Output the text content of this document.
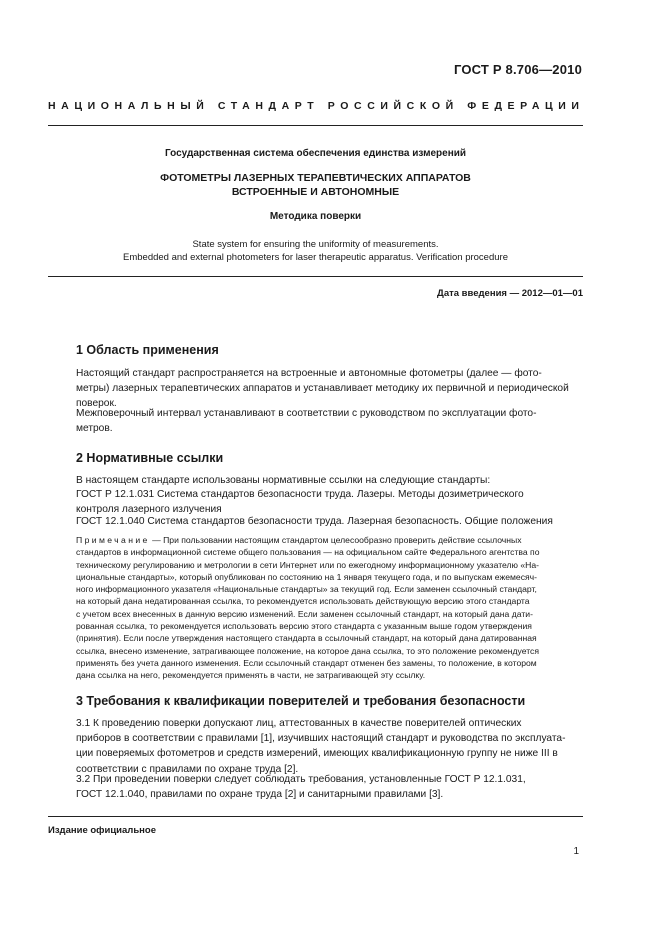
ГОСТ Р 8.706—2010
НАЦИОНАЛЬНЫЙ СТАНДАРТ РОССИЙСКОЙ ФЕДЕРАЦИИ
Государственная система обеспечения единства измерений
ФОТОМЕТРЫ ЛАЗЕРНЫХ ТЕРАПЕВТИЧЕСКИХ АППАРАТОВ
ВСТРОЕННЫЕ И АВТОНОМНЫЕ
Методика поверки
State system for ensuring the uniformity of measurements.
Embedded and external photometers for laser therapeutic apparatus. Verification procedure
Дата введения — 2012—01—01
1 Область применения
Настоящий стандарт распространяется на встроенные и автономные фотометры (далее — фото-
метры) лазерных терапевтических аппаратов и устанавливает методику их первичной и периодической
поверок.
Межповерочный интервал устанавливают в соответствии с руководством по эксплуатации фото-
метров.
2 Нормативные ссылки
В настоящем стандарте использованы нормативные ссылки на следующие стандарты:
ГОСТ Р 12.1.031 Система стандартов безопасности труда. Лазеры. Методы дозиметрического
контроля лазерного излучения
ГОСТ 12.1.040 Система стандартов безопасности труда. Лазерная безопасность. Общие положения
Примечание — При пользовании настоящим стандартом целесообразно проверить действие ссылочных
стандартов в информационной системе общего пользования — на официальном сайте Федерального агентства по
техническому регулированию и метрологии в сети Интернет или по ежегодному информационному указателю «На-
циональные стандарты», который опубликован по состоянию на 1 января текущего года, и по выпускам ежемесяч-
ного информационного указателя «Национальные стандарты» за текущий год. Если заменен ссылочный стандарт,
на который дана недатированная ссылка, то рекомендуется использовать действующую версию этого стандарта
с учетом всех внесенных в данную версию изменений. Если заменен ссылочный стандарт, на который дана дати-
рованная ссылка, то рекомендуется использовать версию этого стандарта с указанным выше годом утверждения
(принятия). Если после утверждения настоящего стандарта в ссылочный стандарт, на который дана датированная
ссылка, внесено изменение, затрагивающее положение, на которое дана ссылка, то это положение рекомендуется
применять без учета данного изменения. Если ссылочный стандарт отменен без замены, то положение, в котором
дана ссылка на него, рекомендуется применять в части, не затрагивающей эту ссылку.
3 Требования к квалификации поверителей и требования безопасности
3.1 К проведению поверки допускают лиц, аттестованных в качестве поверителей оптических
приборов в соответствии с правилами [1], изучивших настоящий стандарт и руководства по эксплуата-
ции поверяемых фотометров и средств измерений, имеющих квалификационную группу не ниже III в
соответствии с правилами по охране труда [2].
3.2 При проведении поверки следует соблюдать требования, установленные ГОСТ Р 12.1.031,
ГОСТ 12.1.040, правилами по охране труда [2] и санитарными правилами [3].
Издание официальное
1
